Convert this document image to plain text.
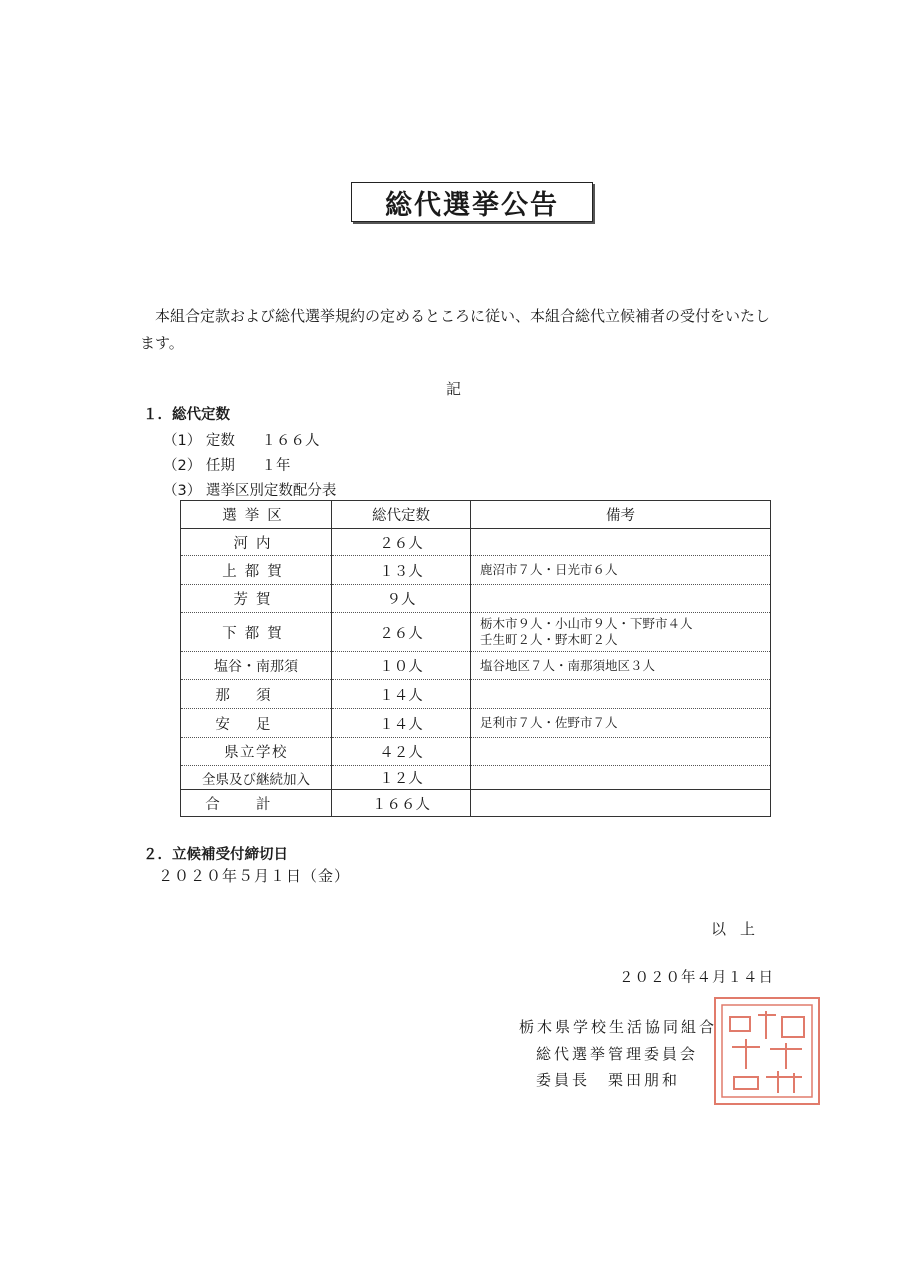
総代選挙公告
本組合定款および総代選挙規約の定めるところに従い、本組合総代立候補者の受付をいたします。
記
１．総代定数
（1） 定数 １６６人
（2） 任期 １年
（3） 選挙区別定数配分表
選挙区	総代定数	備考
河内	２６人	
上都賀	１３人	鹿沼市７人・日光市６人
芳賀	９人	
下都賀	２６人	栃木市９人・小山市９人・下野市４人
壬生町２人・野木町２人
塩谷・南那須	１０人	塩谷地区７人・南那須地区３人
那須	１４人	
安足	１４人	足利市７人・佐野市７人
県立学校	４２人	
全県及び継続加入	１２人	
合計	１６６人	
２．立候補受付締切日
２０２０年５月１日（金）
以上
２０２０年４月１４日
栃木県学校生活協同組合
総代選挙管理委員会
委員長　栗田朋和
